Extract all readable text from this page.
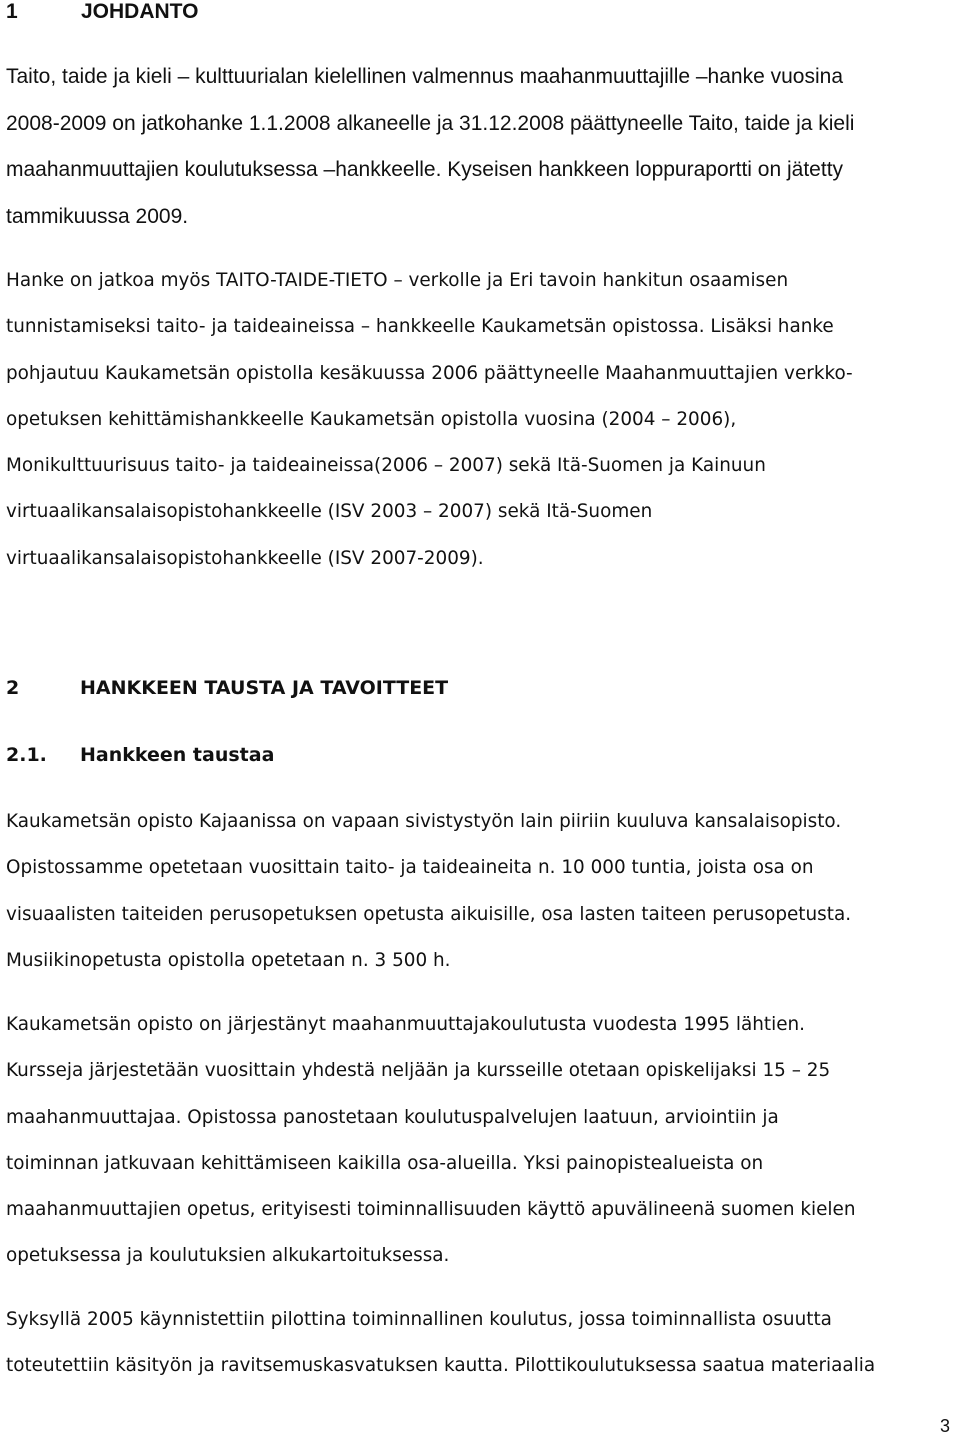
1	JOHDANTO
Taito, taide ja kieli – kulttuurialan kielellinen valmennus maahanmuuttajille –hanke vuosina
2008-2009 on jatkohanke 1.1.2008 alkaneelle ja 31.12.2008 päättyneelle Taito, taide ja kieli
maahanmuuttajien koulutuksessa –hankkeelle. Kyseisen hankkeen loppuraportti on jätetty
tammikuussa 2009.
Hanke on jatkoa myös TAITO-TAIDE-TIETO – verkolle ja Eri tavoin hankitun osaamisen
tunnistamiseksi taito- ja taideaineissa – hankkeelle Kaukametsän opistossa. Lisäksi hanke
pohjautuu Kaukametsän opistolla kesäkuussa 2006 päättyneelle Maahanmuuttajien verkko-
opetuksen kehittämishankkeelle Kaukametsän opistolla vuosina (2004 – 2006),
Monikulttuurisuus taito- ja taideaineissa(2006 – 2007) sekä Itä-Suomen ja Kainuun
virtuaalikansalaisopistohankkeelle (ISV 2003 – 2007) sekä Itä-Suomen
virtuaalikansalaisopistohankkeelle (ISV 2007-2009).
2	HANKKEEN TAUSTA JA TAVOITTEET
2.1. Hankkeen taustaa
Kaukametsän opisto Kajaanissa on vapaan sivistystyön lain piiriin kuuluva kansalaisopisto.
Opistossamme opetetaan vuosittain taito- ja taideaineita n. 10 000 tuntia, joista osa on
visuaalisten taiteiden perusopetuksen opetusta aikuisille, osa lasten taiteen perusopetusta.
Musiikinopetusta opistolla opetetaan n. 3 500 h.
Kaukametsän opisto on järjestänyt maahanmuuttajakoulutusta vuodesta 1995 lähtien.
Kursseja järjestetään vuosittain yhdestä neljään ja kursseille otetaan opiskelijaksi 15 – 25
maahanmuuttajaa. Opistossa panostetaan koulutuspalvelujen laatuun, arviointiin ja
toiminnan jatkuvaan kehittämiseen kaikilla osa-alueilla. Yksi painopistealueista on
maahanmuuttajien opetus, erityisesti toiminnallisuuden käyttö apuvälineenä suomen kielen
opetuksessa ja koulutuksien alkukartoituksessa.
Syksyllä 2005 käynnistettiin pilottina toiminnallinen koulutus, jossa toiminnallista osuutta
toteutettiin käsityön ja ravitsemuskasvatuksen kautta. Pilottikoulutuksessa saatua materiaalia
3
